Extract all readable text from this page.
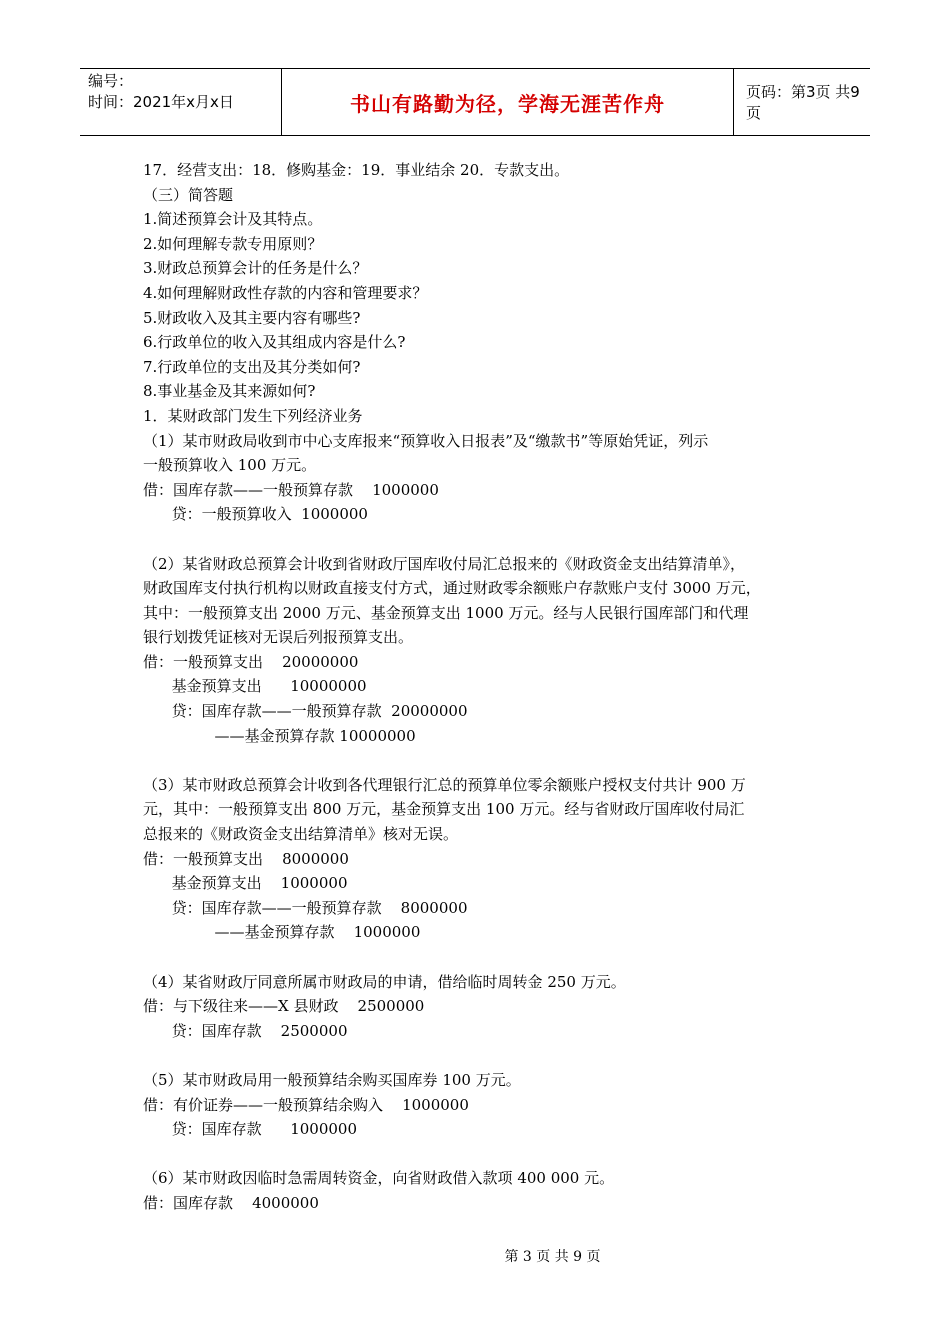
编号：
时间：2021年x月x日	书山有路勤为径，学海无涯苦作舟	页码：第3页 共9页
17．经营支出：18．修购基金：19．事业结余 20．专款支出。
（三）简答题
1.简述预算会计及其特点。
2.如何理解专款专用原则？
3.财政总预算会计的任务是什么？
4.如何理解财政性存款的内容和管理要求？
5.财政收入及其主要内容有哪些?
6.行政单位的收入及其组成内容是什么?
7.行政单位的支出及其分类如何?
8.事业基金及其来源如何?
1．某财政部门发生下列经济业务
（1）某市财政局收到市中心支库报来“预算收入日报表”及“缴款书”等原始凭证，列示
一般预算收入 100 万元。
借：国库存款——一般预算存款    1000000
贷：一般预算收入  1000000
（2）某省财政总预算会计收到省财政厅国库收付局汇总报来的《财政资金支出结算清单》，
财政国库支付执行机构以财政直接支付方式，通过财政零余额账户存款账户支付 3000 万元，
其中：一般预算支出 2000 万元、基金预算支出 1000 万元。经与人民银行国库部门和代理
银行划拨凭证核对无误后列报预算支出。
借：一般预算支出    20000000
基金预算支出      10000000
贷：国库存款——一般预算存款  20000000
——基金预算存款 10000000
（3）某市财政总预算会计收到各代理银行汇总的预算单位零余额账户授权支付共计 900 万
元，其中：一般预算支出 800 万元，基金预算支出 100 万元。经与省财政厅国库收付局汇
总报来的《财政资金支出结算清单》核对无误。
借：一般预算支出    8000000
基金预算支出    1000000
贷：国库存款——一般预算存款    8000000
——基金预算存款    1000000
（4）某省财政厅同意所属市财政局的申请，借给临时周转金 250 万元。
借：与下级往来——X 县财政    2500000
贷：国库存款    2500000
（5）某市财政局用一般预算结余购买国库券 100 万元。
借：有价证券——一般预算结余购入    1000000
贷：国库存款      1000000
（6）某市财政因临时急需周转资金，向省财政借入款项 400 000 元。
借：国库存款    4000000
第 3 页 共 9 页
